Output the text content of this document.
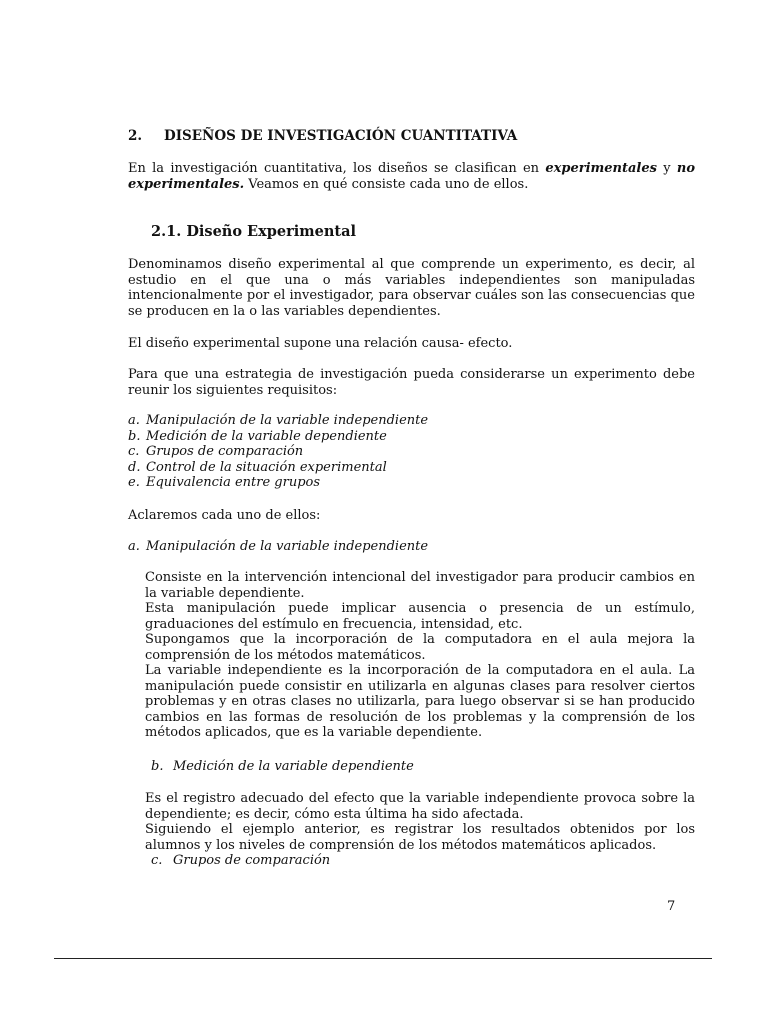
2. DISEÑOS DE INVESTIGACIÓN CUANTITATIVA

En la investigación cuantitativa, los diseños se clasifican en experimentales y no experimentales. Veamos en qué consiste cada uno de ellos.

2.1. Diseño Experimental

Denominamos diseño experimental al que comprende un experimento, es decir, al estudio en el que una o más variables independientes son manipuladas intencionalmente por el investigador, para observar cuáles son las consecuencias que se producen en la o las variables dependientes.

El diseño experimental supone una relación causa- efecto.

Para que una estrategia de investigación pueda considerarse un experimento debe reunir los siguientes requisitos:

a. Manipulación de la variable independiente
b. Medición de la variable dependiente
c. Grupos de comparación
d. Control de la situación experimental
e. Equivalencia entre grupos

Aclaremos cada uno de ellos:

a. Manipulación de la variable independiente
Consiste en la intervención intencional del investigador para producir cambios en la variable dependiente.
Esta manipulación puede implicar ausencia o presencia de un estímulo, graduaciones del estímulo en frecuencia, intensidad, etc.
Supongamos que la incorporación de la computadora en el aula mejora la comprensión de los métodos matemáticos.
La variable independiente es la incorporación de la computadora en el aula. La manipulación puede consistir en utilizarla en algunas clases para resolver ciertos problemas y en otras clases no utilizarla, para luego observar si se han producido cambios en las formas de resolución de los problemas y la comprensión de los métodos aplicados, que es la variable dependiente.
b. Medición de la variable dependiente
Es el registro adecuado del efecto que la variable independiente provoca sobre la dependiente; es decir, cómo esta última ha sido afectada.
Siguiendo el ejemplo anterior, es registrar los resultados obtenidos por los alumnos y los niveles de comprensión de los métodos matemáticos aplicados.
c. Grupos de comparación
7
